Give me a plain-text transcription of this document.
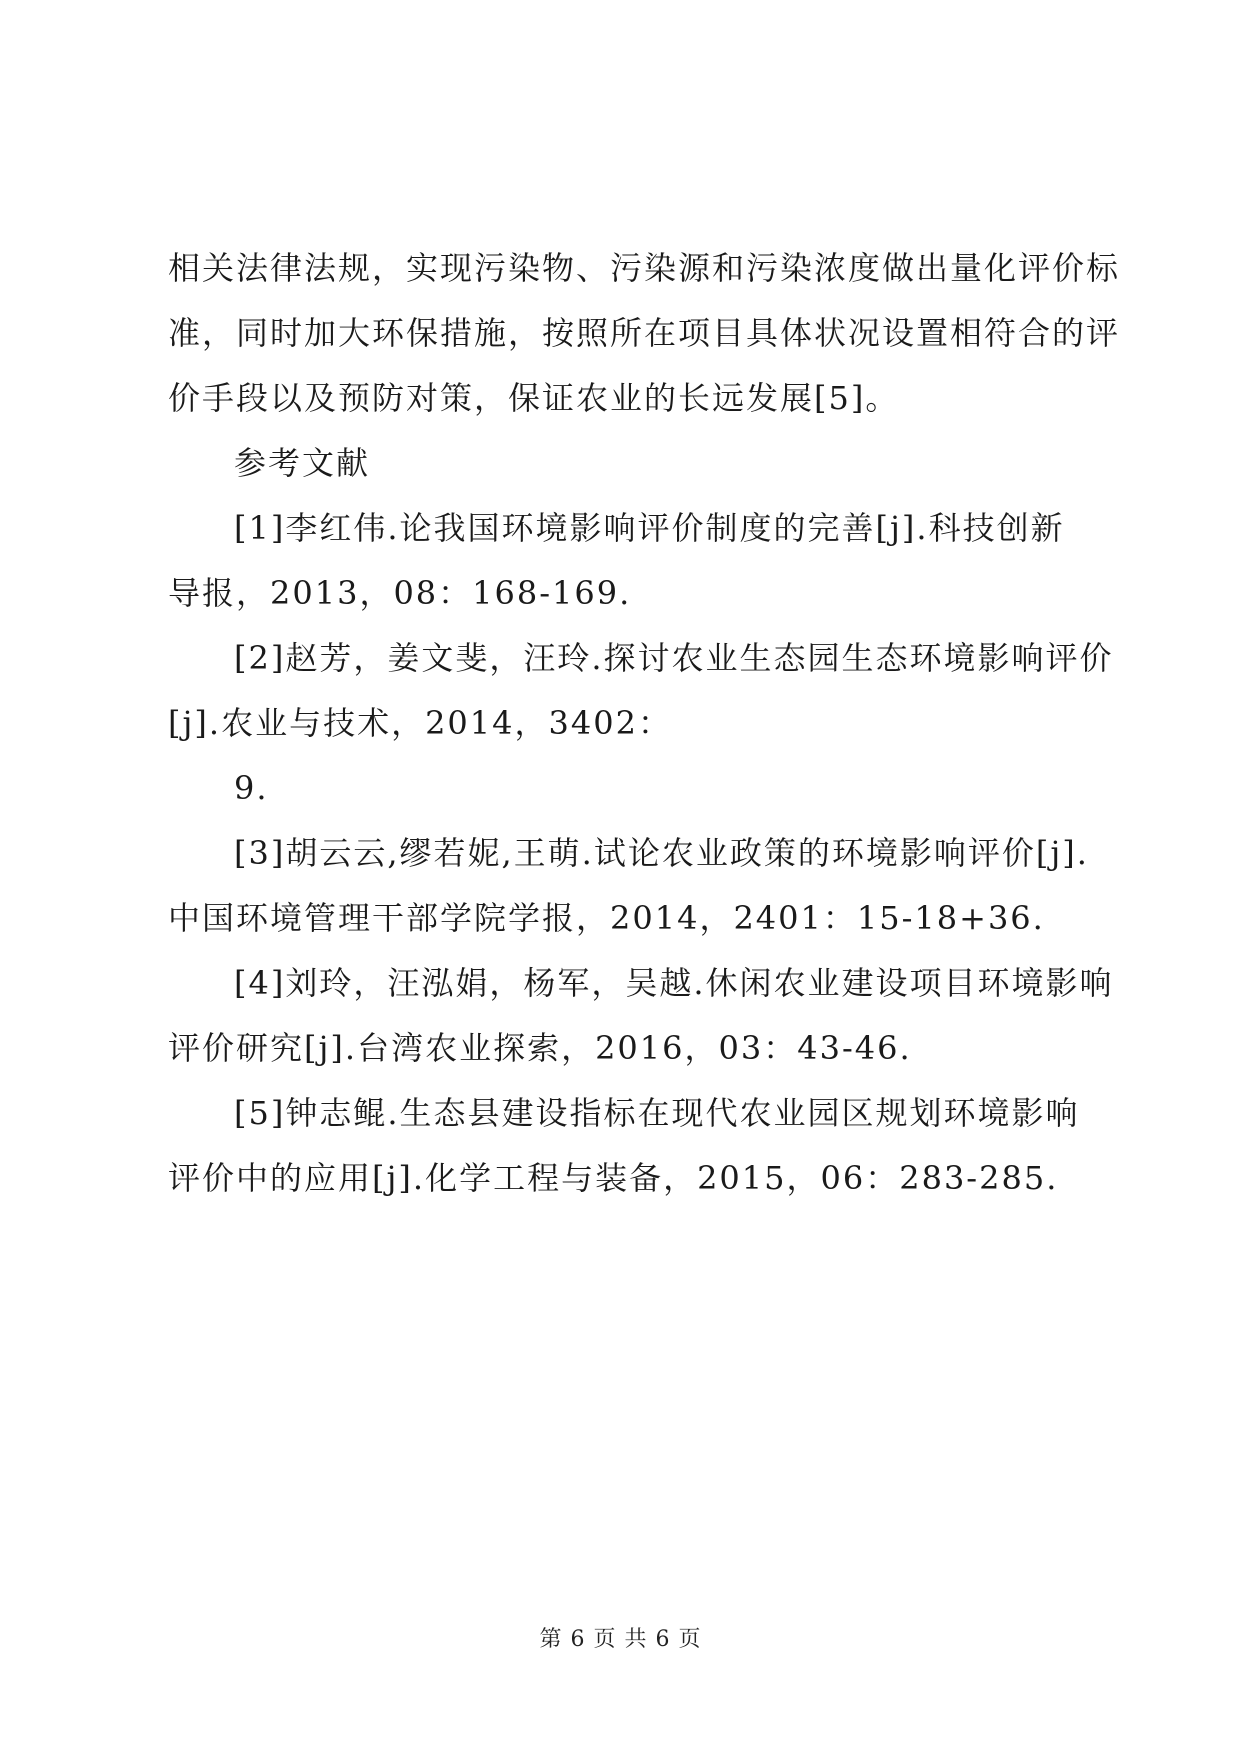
相关法律法规，实现污染物、污染源和污染浓度做出量化评价标
准，同时加大环保措施，按照所在项目具体状况设置相符合的评
价手段以及预防对策，保证农业的长远发展[5]。
参考文献
[1]李红伟.论我国环境影响评价制度的完善[j].科技创新
导报，2013，08：168-169.
[2]赵芳，姜文斐，汪玲.探讨农业生态园生态环境影响评价
[j].农业与技术，2014，3402：
9.
[3]胡云云,缪若妮,王萌.试论农业政策的环境影响评价[j].
中国环境管理干部学院学报，2014，2401：15-18+36.
[4]刘玲，汪泓娟，杨军，吴越.休闲农业建设项目环境影响
评价研究[j].台湾农业探索，2016，03：43-46.
[5]钟志鲲.生态县建设指标在现代农业园区规划环境影响
评价中的应用[j].化学工程与装备，2015，06：283-285.
第 6 页 共 6 页
